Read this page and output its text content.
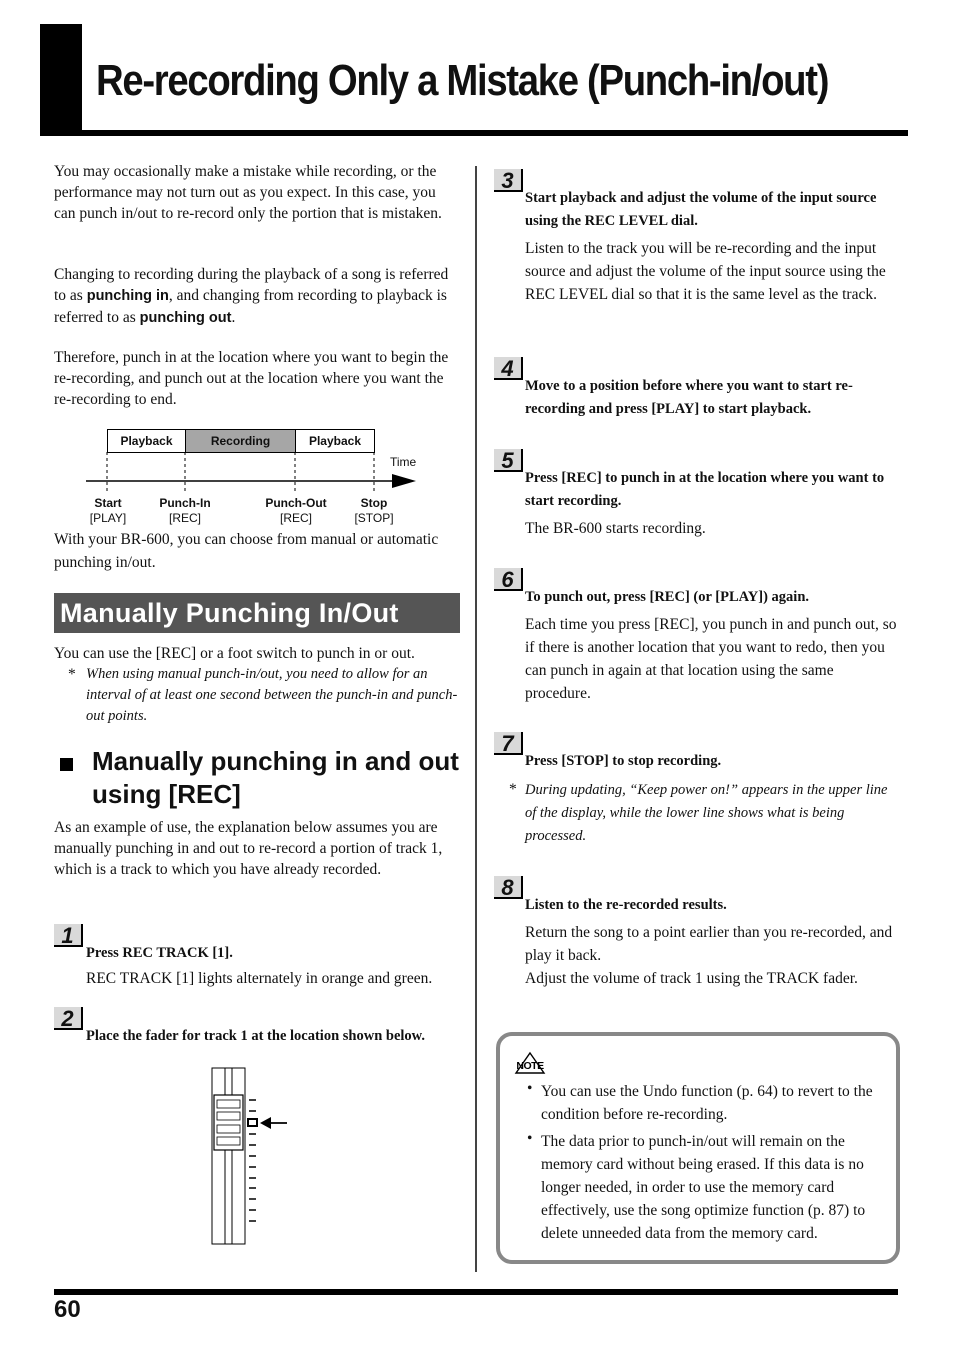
Re-recording Only a Mistake (Punch-in/out)
You may occasionally make a mistake while recording, or the performance may not turn out as you expect. In this case, you can punch in/out to re-record only the portion that is mistaken.
Changing to recording during the playback of a song is referred to as punching in, and changing from recording to playback is referred to as punching out.
Therefore, punch in at the location where you want to begin the re-recording, and punch out at the location where you want the re-recording to end.
Playback	Recording	Playback
Time
Start
[PLAY]
Punch-In
[REC]
Punch-Out
[REC]
Stop
[STOP]
With your BR-600, you can choose from manual or automatic punching in/out.
Manually Punching In/Out
You can use the [REC] or a foot switch to punch in or out.
* When using manual punch-in/out, you need to allow for an interval of at least one second between the punch-in and punch-out points.
Manually punching in and out using [REC]
As an example of use, the explanation below assumes you are manually punching in and out to re-record a portion of track 1, which is a track to which you have already recorded.
1
Press REC TRACK [1].
REC TRACK [1] lights alternately in orange and green.
2
Place the fader for track 1 at the location shown below.
3
Start playback and adjust the volume of the input source using the REC LEVEL dial.
Listen to the track you will be re-recording and the input source and adjust the volume of the input source using the REC LEVEL dial so that it is the same level as the track.
4
Move to a position before where you want to start re-recording and press [PLAY] to start playback.
5
Press [REC] to punch in at the location where you want to start recording.
The BR-600 starts recording.
6
To punch out, press [REC] (or [PLAY]) again.
Each time you press [REC], you punch in and punch out, so if there is another location that you want to redo, then you can punch in again at that location using the same procedure.
7
Press [STOP] to stop recording.
* During updating, “Keep power on!” appears in the upper line of the display, while the lower line shows what is being processed.
8
Listen to the re-recorded results.
Return the song to a point earlier than you re-recorded, and play it back.
Adjust the volume of track 1 using the TRACK fader.
NOTE
• You can use the Undo function (p. 64) to revert to the condition before re-recording.
• The data prior to punch-in/out will remain on the memory card without being erased. If this data is no longer needed, in order to use the memory card effectively, use the song optimize function (p. 87) to delete unneeded data from the memory card.
60
